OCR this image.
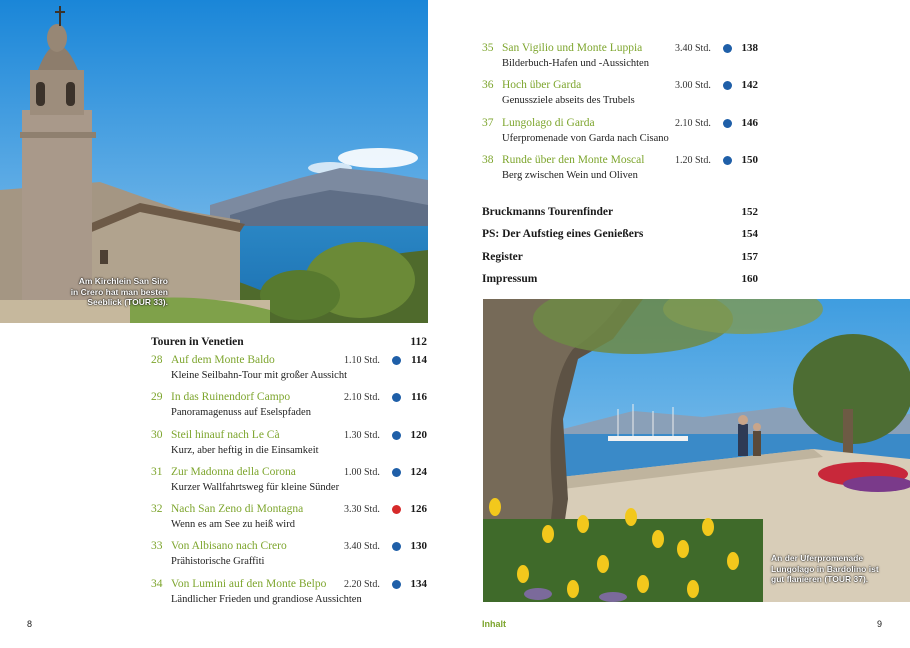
Am Kirchlein San Siro
in Crero hat man besten
Seeblick (TOUR 33).
Touren in Venetien	112
28 Auf dem Monte Baldo	1.10 Std.	114
Kleine Seilbahn-Tour mit großer Aussicht
29 In das Ruinendorf Campo	2.10 Std.	116
Panoramagenuss auf Eselspfaden
30 Steil hinauf nach Le Cà	1.30 Std.	120
Kurz, aber heftig in die Einsamkeit
31 Zur Madonna della Corona	1.00 Std.	124
Kurzer Wallfahrtsweg für kleine Sünder
32 Nach San Zeno di Montagna	3.30 Std.	126
Wenn es am See zu heiß wird
33 Von Albisano nach Crero	3.40 Std.	130
Prähistorische Graffiti
34 Von Lumini auf den Monte Belpo 2.20 Std.	134
Ländlicher Frieden und grandiose Aussichten
8
35 San Vigilio und Monte Luppia	3.40 Std.	138
Bilderbuch-Hafen und -Aussichten
36 Hoch über Garda	3.00 Std.	142
Genussziele abseits des Trubels
37 Lungolago di Garda	2.10 Std.	146
Uferpromenade von Garda nach Cisano
38 Runde über den Monte Moscal	1.20 Std.	150
Berg zwischen Wein und Oliven
Bruckmanns Tourenfinder	152
PS: Der Aufstieg eines Genießers	154
Register	157
Impressum	160
An der Uferpromenade
Lungolago in Bardolino ist
gut flanieren (TOUR 37).
Inhalt	9
